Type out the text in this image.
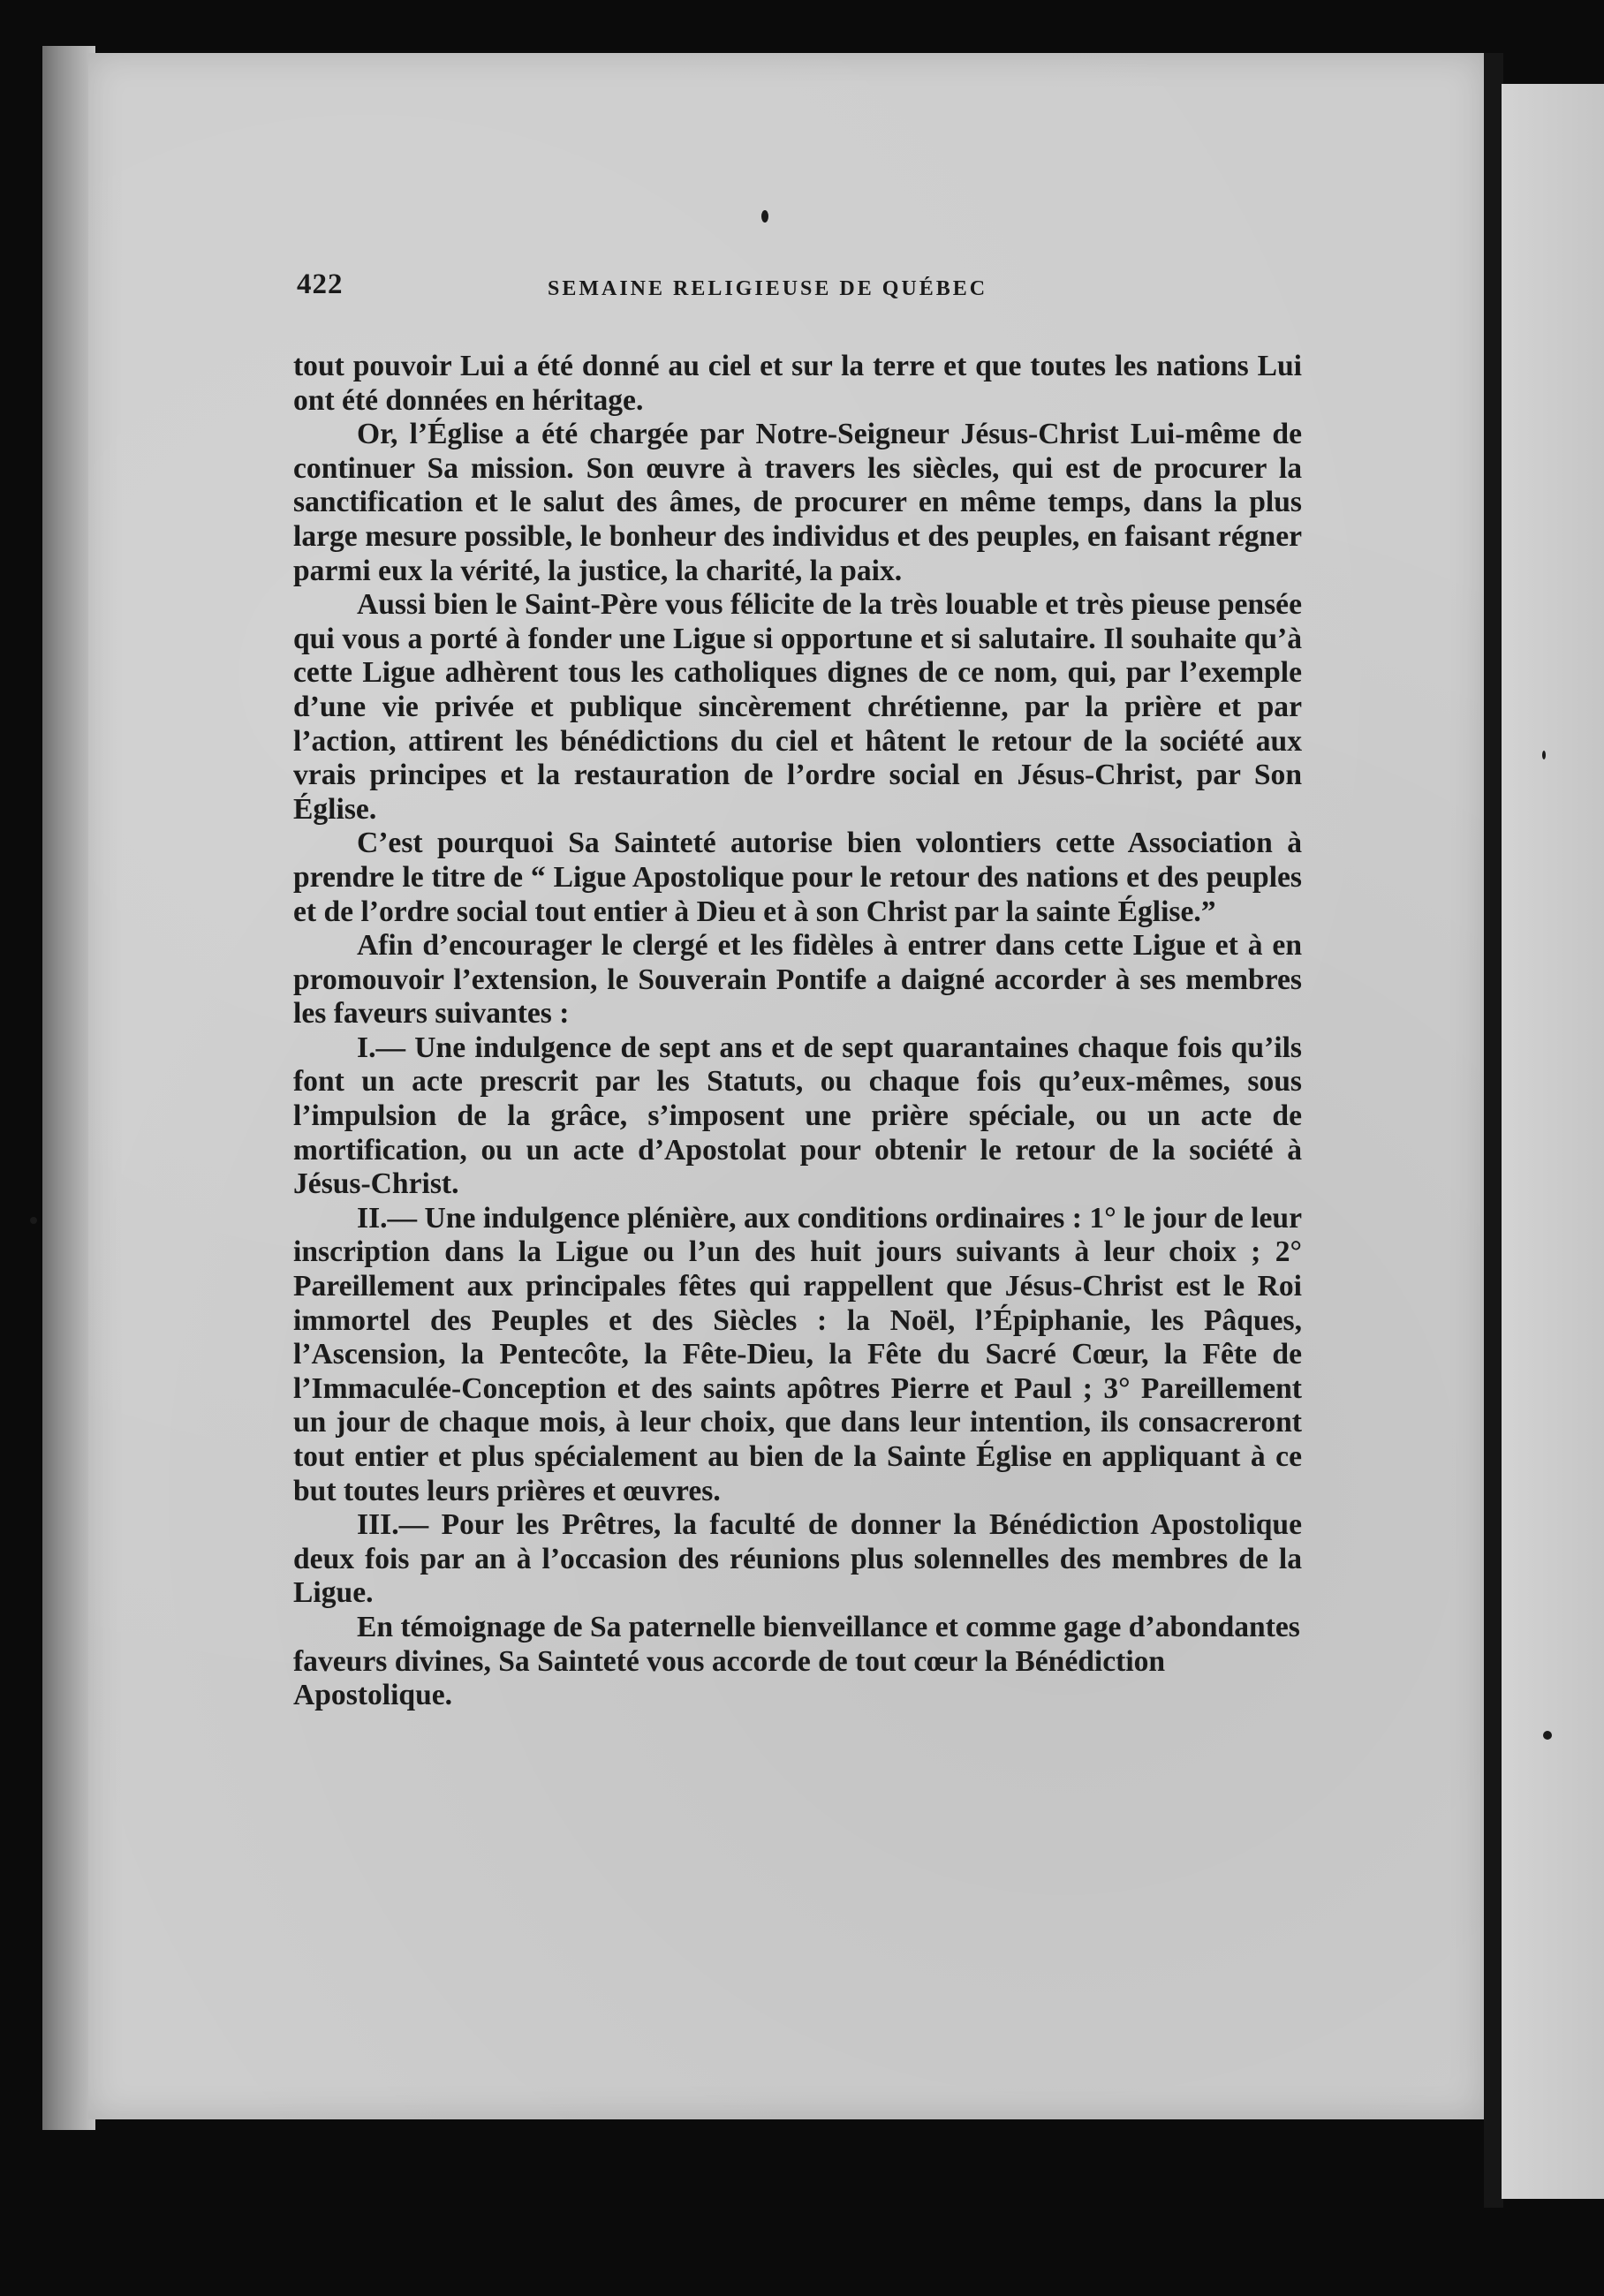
422	SEMAINE RELIGIEUSE DE QUÉBEC

tout pouvoir Lui a été donné au ciel et sur la terre et que toutes les nations Lui ont été données en héritage.

Or, l’Église a été chargée par Notre-Seigneur Jésus-Christ Lui-même de continuer Sa mission. Son œuvre à travers les siècles, qui est de procurer la sanctification et le salut des âmes, de procurer en même temps, dans la plus large mesure possible, le bonheur des individus et des peuples, en faisant régner parmi eux la vérité, la justice, la charité, la paix.

Aussi bien le Saint-Père vous félicite de la très louable et très pieuse pensée qui vous a porté à fonder une Ligue si opportune et si salutaire. Il souhaite qu’à cette Ligue adhèrent tous les catholiques dignes de ce nom, qui, par l’exemple d’une vie privée et publique sincèrement chrétienne, par la prière et par l’action, attirent les bénédictions du ciel et hâtent le retour de la société aux vrais principes et la restauration de l’ordre social en Jésus-Christ, par Son Église.

C’est pourquoi Sa Sainteté autorise bien volontiers cette Association à prendre le titre de “ Ligue Apostolique pour le retour des nations et des peuples et de l’ordre social tout entier à Dieu et à son Christ par la sainte Église.”

Afin d’encourager le clergé et les fidèles à entrer dans cette Ligue et à en promouvoir l’extension, le Souverain Pontife a daigné accorder à ses membres les faveurs suivantes :

I.— Une indulgence de sept ans et de sept quarantaines chaque fois qu’ils font un acte prescrit par les Statuts, ou chaque fois qu’eux-mêmes, sous l’impulsion de la grâce, s’imposent une prière spéciale, ou un acte de mortification, ou un acte d’Apostolat pour obtenir le retour de la société à Jésus-Christ.

II.— Une indulgence plénière, aux conditions ordinaires : 1° le jour de leur inscription dans la Ligue ou l’un des huit jours suivants à leur choix ; 2° Pareillement aux principales fêtes qui rappellent que Jésus-Christ est le Roi immortel des Peuples et des Siècles : la Noël, l’Épiphanie, les Pâques, l’Ascension, la Pentecôte, la Fête-Dieu, la Fête du Sacré Cœur, la Fête de l’Immaculée-Conception et des saints apôtres Pierre et Paul ; 3° Pareillement un jour de chaque mois, à leur choix, que dans leur intention, ils consacreront tout entier et plus spécialement au bien de la Sainte Église en appliquant à ce but toutes leurs prières et œuvres.

III.— Pour les Prêtres, la faculté de donner la Bénédiction Apostolique deux fois par an à l’occasion des réunions plus solennelles des membres de la Ligue.

En témoignage de Sa paternelle bienveillance et comme gage d’abondantes faveurs divines, Sa Sainteté vous accorde de tout cœur la Bénédiction Apostolique.
